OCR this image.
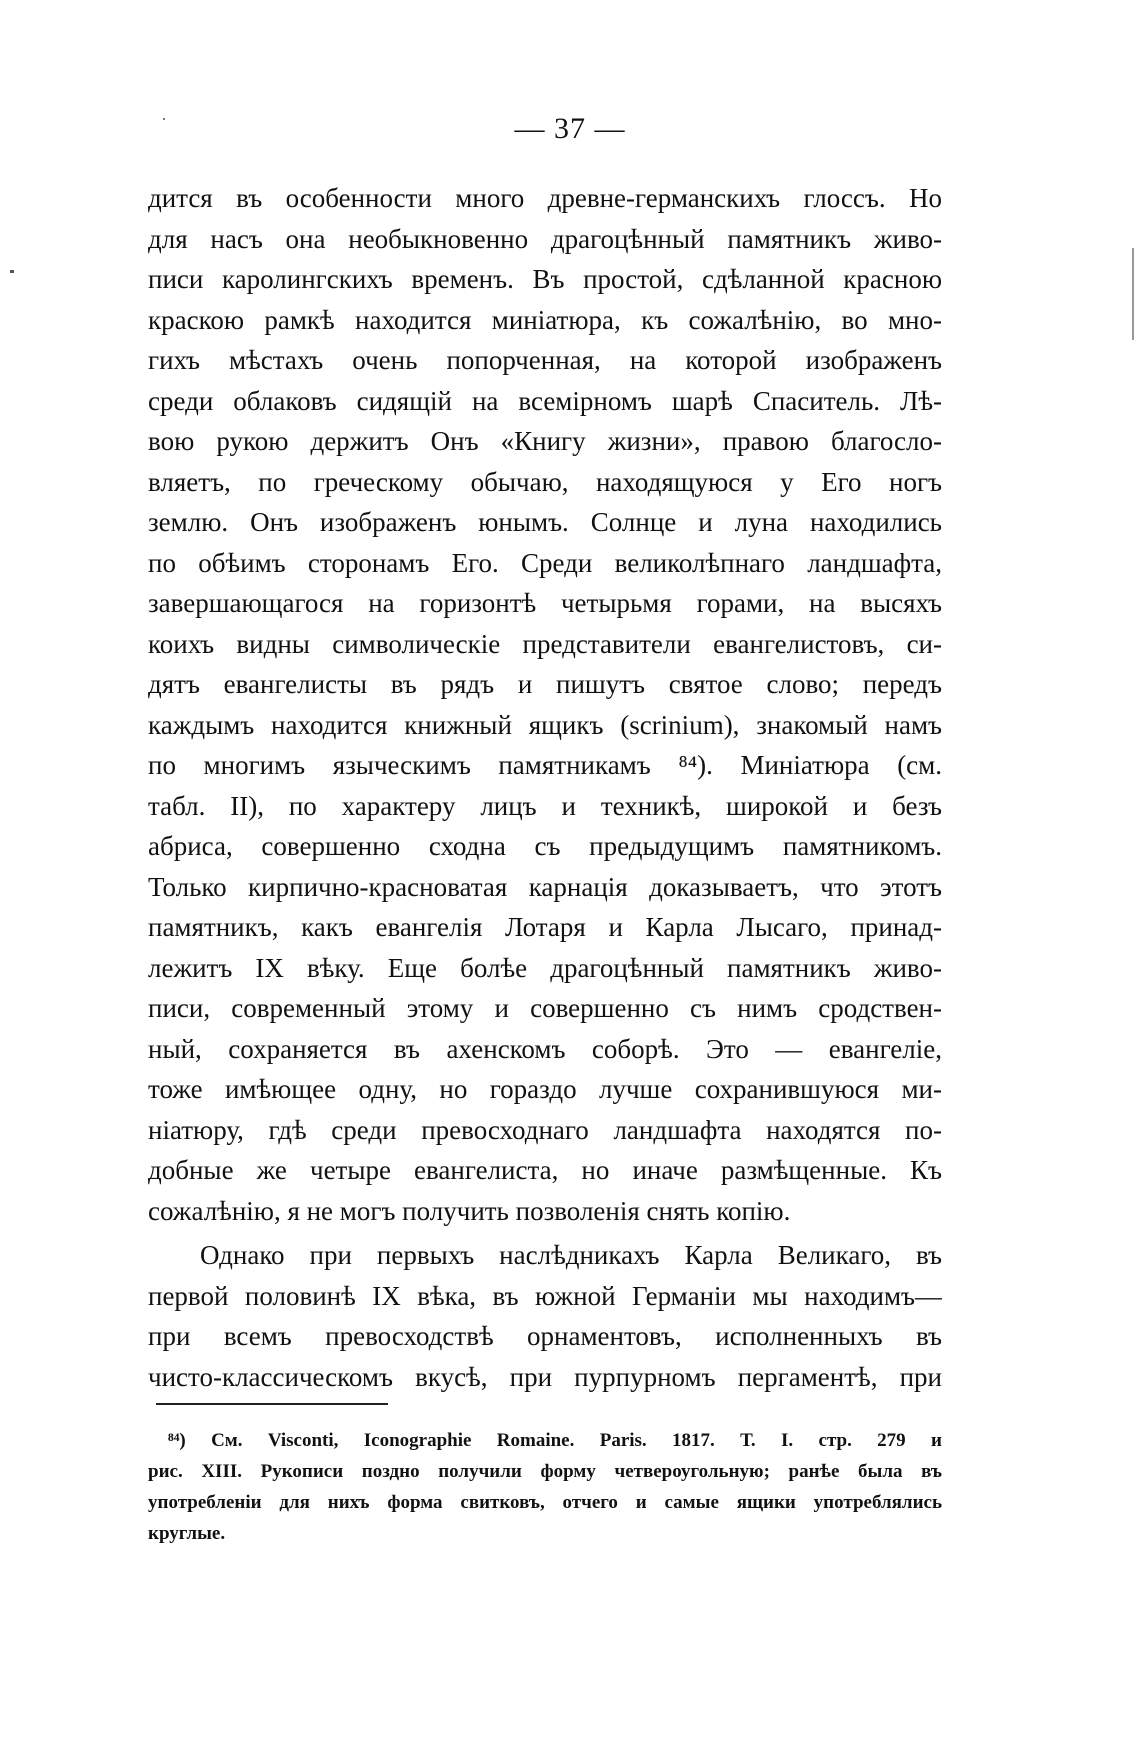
— 37 —
дится въ особенности много древне-германскихъ глоссъ. Но
для насъ она необыкновенно драгоцѣнный памятникъ живо-
писи каролингскихъ временъ. Въ простой, сдѣланной красною
краскою рамкѣ находится миніатюра, къ сожалѣнію, во мно-
гихъ мѣстахъ очень попорченная, на которой изображенъ
среди облаковъ сидящій на всемірномъ шарѣ Спаситель. Лѣ-
вою рукою держитъ Онъ «Книгу жизни», правою благосло-
вляетъ, по греческому обычаю, находящуюся у Его ногъ
землю. Онъ изображенъ юнымъ. Солнце и луна находились
по обѣимъ сторонамъ Его. Среди великолѣпнаго ландшафта,
завершающагося на горизонтѣ четырьмя горами, на высяхъ
коихъ видны символическіе представители евангелистовъ, си-
дятъ евангелисты въ рядъ и пишутъ святое слово; передъ
каждымъ находится книжный ящикъ (scrinium), знакомый намъ
по многимъ языческимъ памятникамъ ⁸⁴). Миніатюра (см.
табл. II), по характеру лицъ и техникѣ, широкой и безъ
абриса, совершенно сходна съ предыдущимъ памятникомъ.
Только кирпично-красноватая карнація доказываетъ, что этотъ
памятникъ, какъ евангелія Лотаря и Карла Лысаго, принад-
лежитъ IX вѣку. Еще болѣе драгоцѣнный памятникъ живо-
писи, современный этому и совершенно съ нимъ сродствен-
ный, сохраняется въ ахенскомъ соборѣ. Это — евангеліе,
тоже имѣющее одну, но гораздо лучше сохранившуюся ми-
ніатюру, гдѣ среди превосходнаго ландшафта находятся по-
добные же четыре евангелиста, но иначе размѣщенные. Къ
сожалѣнію, я не могъ получить позволенія снять копію.
Однако при первыхъ наслѣдникахъ Карла Великаго, въ
первой половинѣ IX вѣка, въ южной Германіи мы находимъ—
при всемъ превосходствѣ орнаментовъ, исполненныхъ въ
чисто-классическомъ вкусѣ, при пурпурномъ пергаментѣ, при
⁸⁴) См. Visconti, Iconographie Romaine. Paris. 1817. Т. I. стр. 279 и
рис. XIII. Рукописи поздно получили форму четвероугольную; ранѣе была въ
употребленіи для нихъ форма свитковъ, отчего и самые ящики употреблялись
круглые.
